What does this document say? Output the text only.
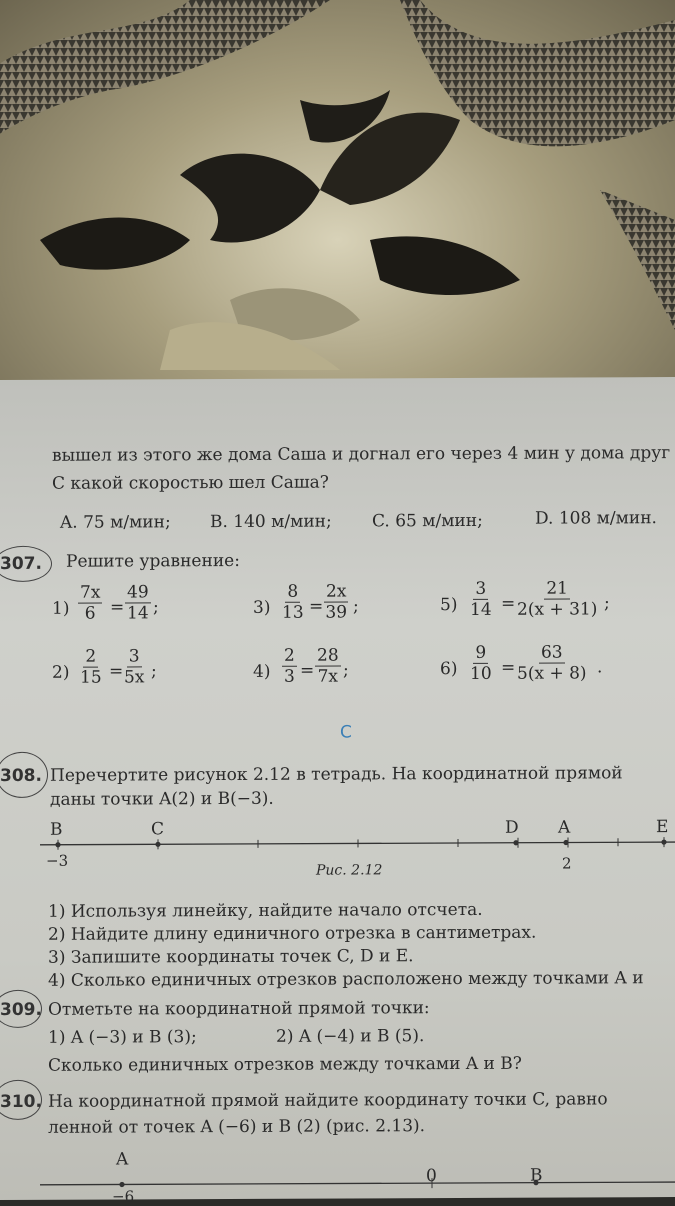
вышел из этого же дома Саша и догнал его через 4 мин у дома друг
С какой скоростью шел Саша?
A. 75 м/мин; B. 140 м/мин; C. 65 м/мин;	D. 108 м/мин.
307. Решите уравнение:
$1) \frac{7x}{6} = \frac{49}{14}$ ;	$3) \frac{8}{13} = \frac{2x}{39}$ ;	$5) \frac{3}{14} = \frac{21}{2(x + 31)}$ ;
$2) \frac{2}{15} = \frac{3}{5x}$ ;	$4) \frac{2}{3} = \frac{28}{7x}$ ;	$6) \frac{9}{10} = \frac{63}{5(x + 8)}$ .
C
308. Перечертите рисунок 2.12 в тетрадь. На координатной прямой
даны точки A(2) и B(−3).
B	C	D A	E
−3	2
Рис. 2.12
1) Используя линейку, найдите начало отсчета.
2) Найдите длину единичного отрезка в сантиметрах.
3) Запишите координаты точек C, D и E.
4) Сколько единичных отрезков расположено между точками A и
309. Отметьте на координатной прямой точки:
1) A (−3) и B (3);	2) A (−4) и B (5).
Сколько единичных отрезков между точками A и B?
310. На координатной прямой найдите координату точки C, равно
ленной от точек A (−6) и B (2) (рис. 2.13).
A
0	B
−6
